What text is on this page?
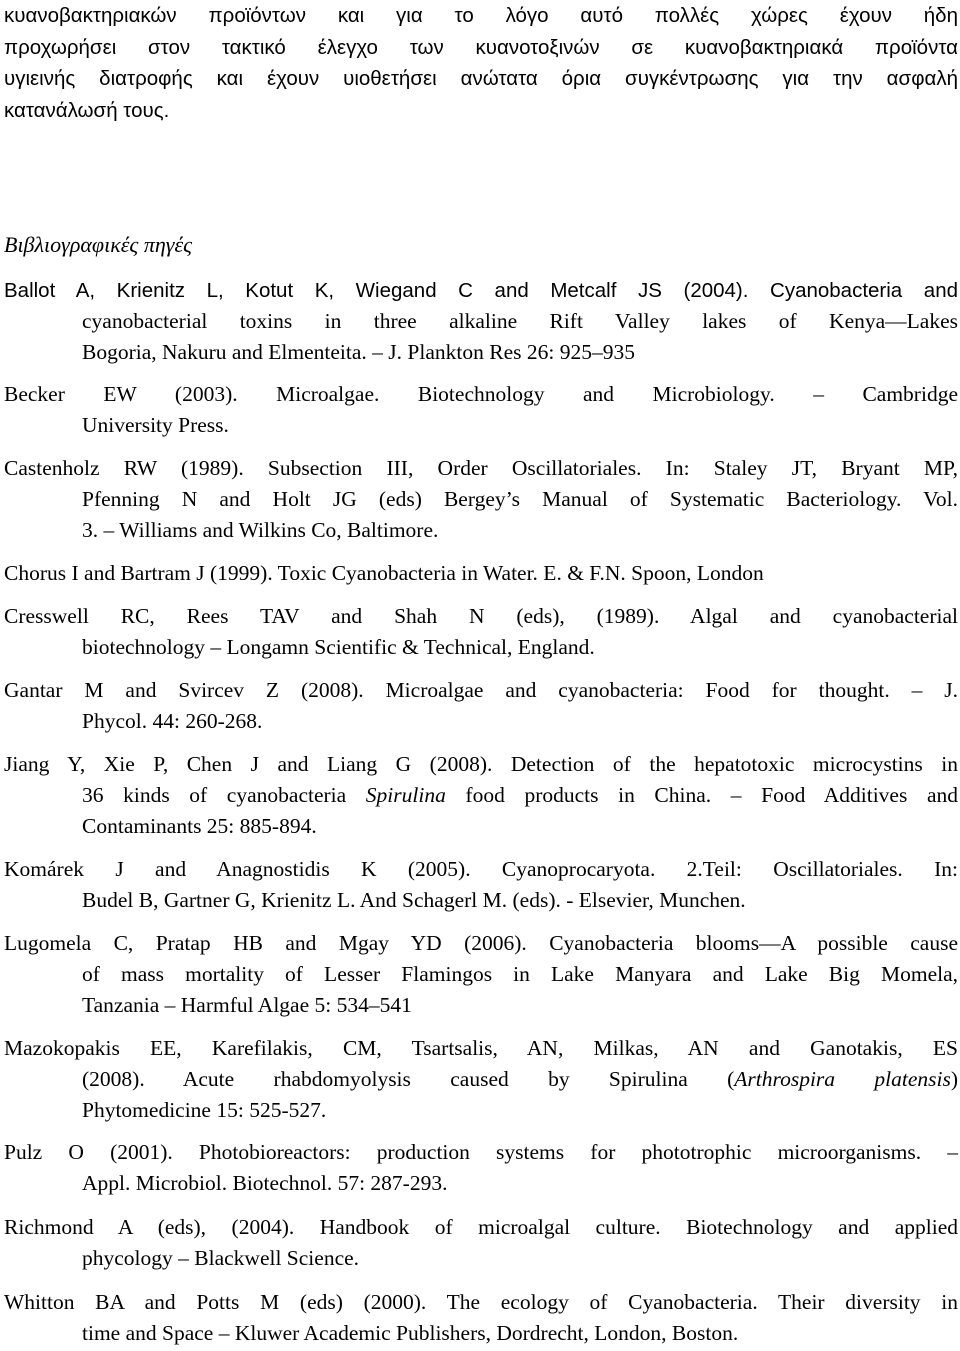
κυανοβακτηριακών προϊόντων και για το λόγο αυτό πολλές χώρες έχουν ήδη
προχωρήσει στον τακτικό έλεγχο των κυανοτοξινών σε κυανοβακτηριακά προϊόντα
υγιεινής διατροφής και έχουν υιοθετήσει ανώτατα όρια συγκέντρωσης για την ασφαλή
κατανάλωσή τους.
Βιβλιογραφικές πηγές
Ballot A, Krienitz L, Kotut K, Wiegand C and Metcalf JS (2004). Cyanobacteria and
cyanobacterial toxins in three alkaline Rift Valley lakes of Kenya—Lakes
Bogoria, Nakuru and Elmenteita. – J. Plankton Res 26: 925–935
Becker EW (2003). Microalgae. Biotechnology and Microbiology. – Cambridge
University Press.
Castenholz RW (1989). Subsection III, Order Oscillatoriales. In: Staley JT, Bryant MP,
Pfenning N and Holt JG (eds) Bergey’s Manual of Systematic Bacteriology. Vol.
3. – Williams and Wilkins Co, Baltimore.
Chorus I and Bartram J (1999). Toxic Cyanobacteria in Water. E. & F.N. Spoon, London
Cresswell RC, Rees TAV and Shah N (eds), (1989). Algal and cyanobacterial
biotechnology – Longamn Scientific & Technical, England.
Gantar M and Svircev Z (2008). Microalgae and cyanobacteria: Food for thought. – J.
Phycol. 44: 260-268.
Jiang Y, Xie P, Chen J and Liang G (2008). Detection of the hepatotoxic microcystins in
36 kinds of cyanobacteria Spirulina food products in China. – Food Additives and
Contaminants 25: 885-894.
Komárek J and Anagnostidis K (2005). Cyanoprocaryota. 2.Teil: Oscillatoriales. In:
Budel B, Gartner G, Krienitz L. And Schagerl M. (eds). - Elsevier, Munchen.
Lugomela C, Pratap HB and Mgay YD (2006). Cyanobacteria blooms—A possible cause
of mass mortality of Lesser Flamingos in Lake Manyara and Lake Big Momela,
Tanzania – Harmful Algae 5: 534–541
Mazokopakis EE, Karefilakis, CM, Tsartsalis, AN, Milkas, AN and Ganotakis, ES
(2008). Acute rhabdomyolysis caused by Spirulina (Arthrospira platensis)
Phytomedicine 15: 525-527.
Pulz O (2001). Photobioreactors: production systems for phototrophic microorganisms. –
Appl. Microbiol. Biotechnol. 57: 287-293.
Richmond A (eds), (2004). Handbook of microalgal culture. Biotechnology and applied
phycology – Blackwell Science.
Whitton BA and Potts M (eds) (2000). The ecology of Cyanobacteria. Their diversity in
time and Space – Kluwer Academic Publishers, Dordrecht, London, Boston.
